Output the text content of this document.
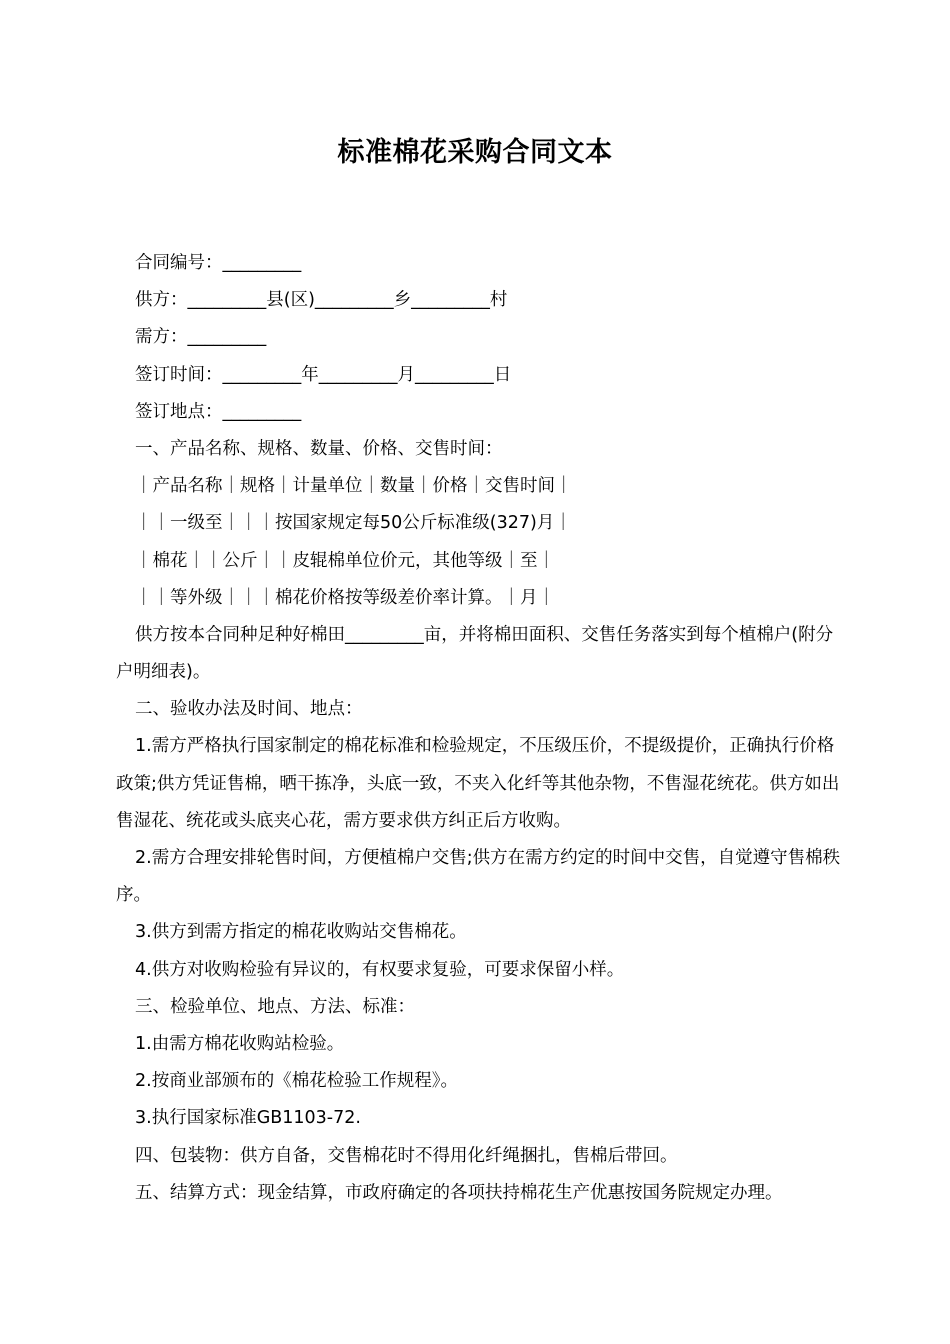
标准棉花采购合同文本
合同编号：_________
供方：_________县(区)_________乡_________村
需方：_________
签订时间：_________年_________月_________日
签订地点：_________
一、产品名称、规格、数量、价格、交售时间：
｜产品名称｜规格｜计量单位｜数量｜价格｜交售时间｜
｜｜一级至｜｜｜按国家规定每50公斤标准级(327)月｜
｜棉花｜｜公斤｜｜皮辊棉单位价元，其他等级｜至｜
｜｜等外级｜｜｜棉花价格按等级差价率计算。｜月｜
供方按本合同种足种好棉田_________亩，并将棉田面积、交售任务落实到每个植棉户(附分户明细表)。
二、验收办法及时间、地点：
1.需方严格执行国家制定的棉花标准和检验规定，不压级压价，不提级提价，正确执行价格政策;供方凭证售棉，晒干拣净，头底一致，不夹入化纤等其他杂物，不售湿花统花。供方如出售湿花、统花或头底夹心花，需方要求供方纠正后方收购。
2.需方合理安排轮售时间，方便植棉户交售;供方在需方约定的时间中交售，自觉遵守售棉秩序。
3.供方到需方指定的棉花收购站交售棉花。
4.供方对收购检验有异议的，有权要求复验，可要求保留小样。
三、检验单位、地点、方法、标准：
1.由需方棉花收购站检验。
2.按商业部颁布的《棉花检验工作规程》。
3.执行国家标准GB1103-72.
四、包装物：供方自备，交售棉花时不得用化纤绳捆扎，售棉后带回。
五、结算方式：现金结算，市政府确定的各项扶持棉花生产优惠按国务院规定办理。
